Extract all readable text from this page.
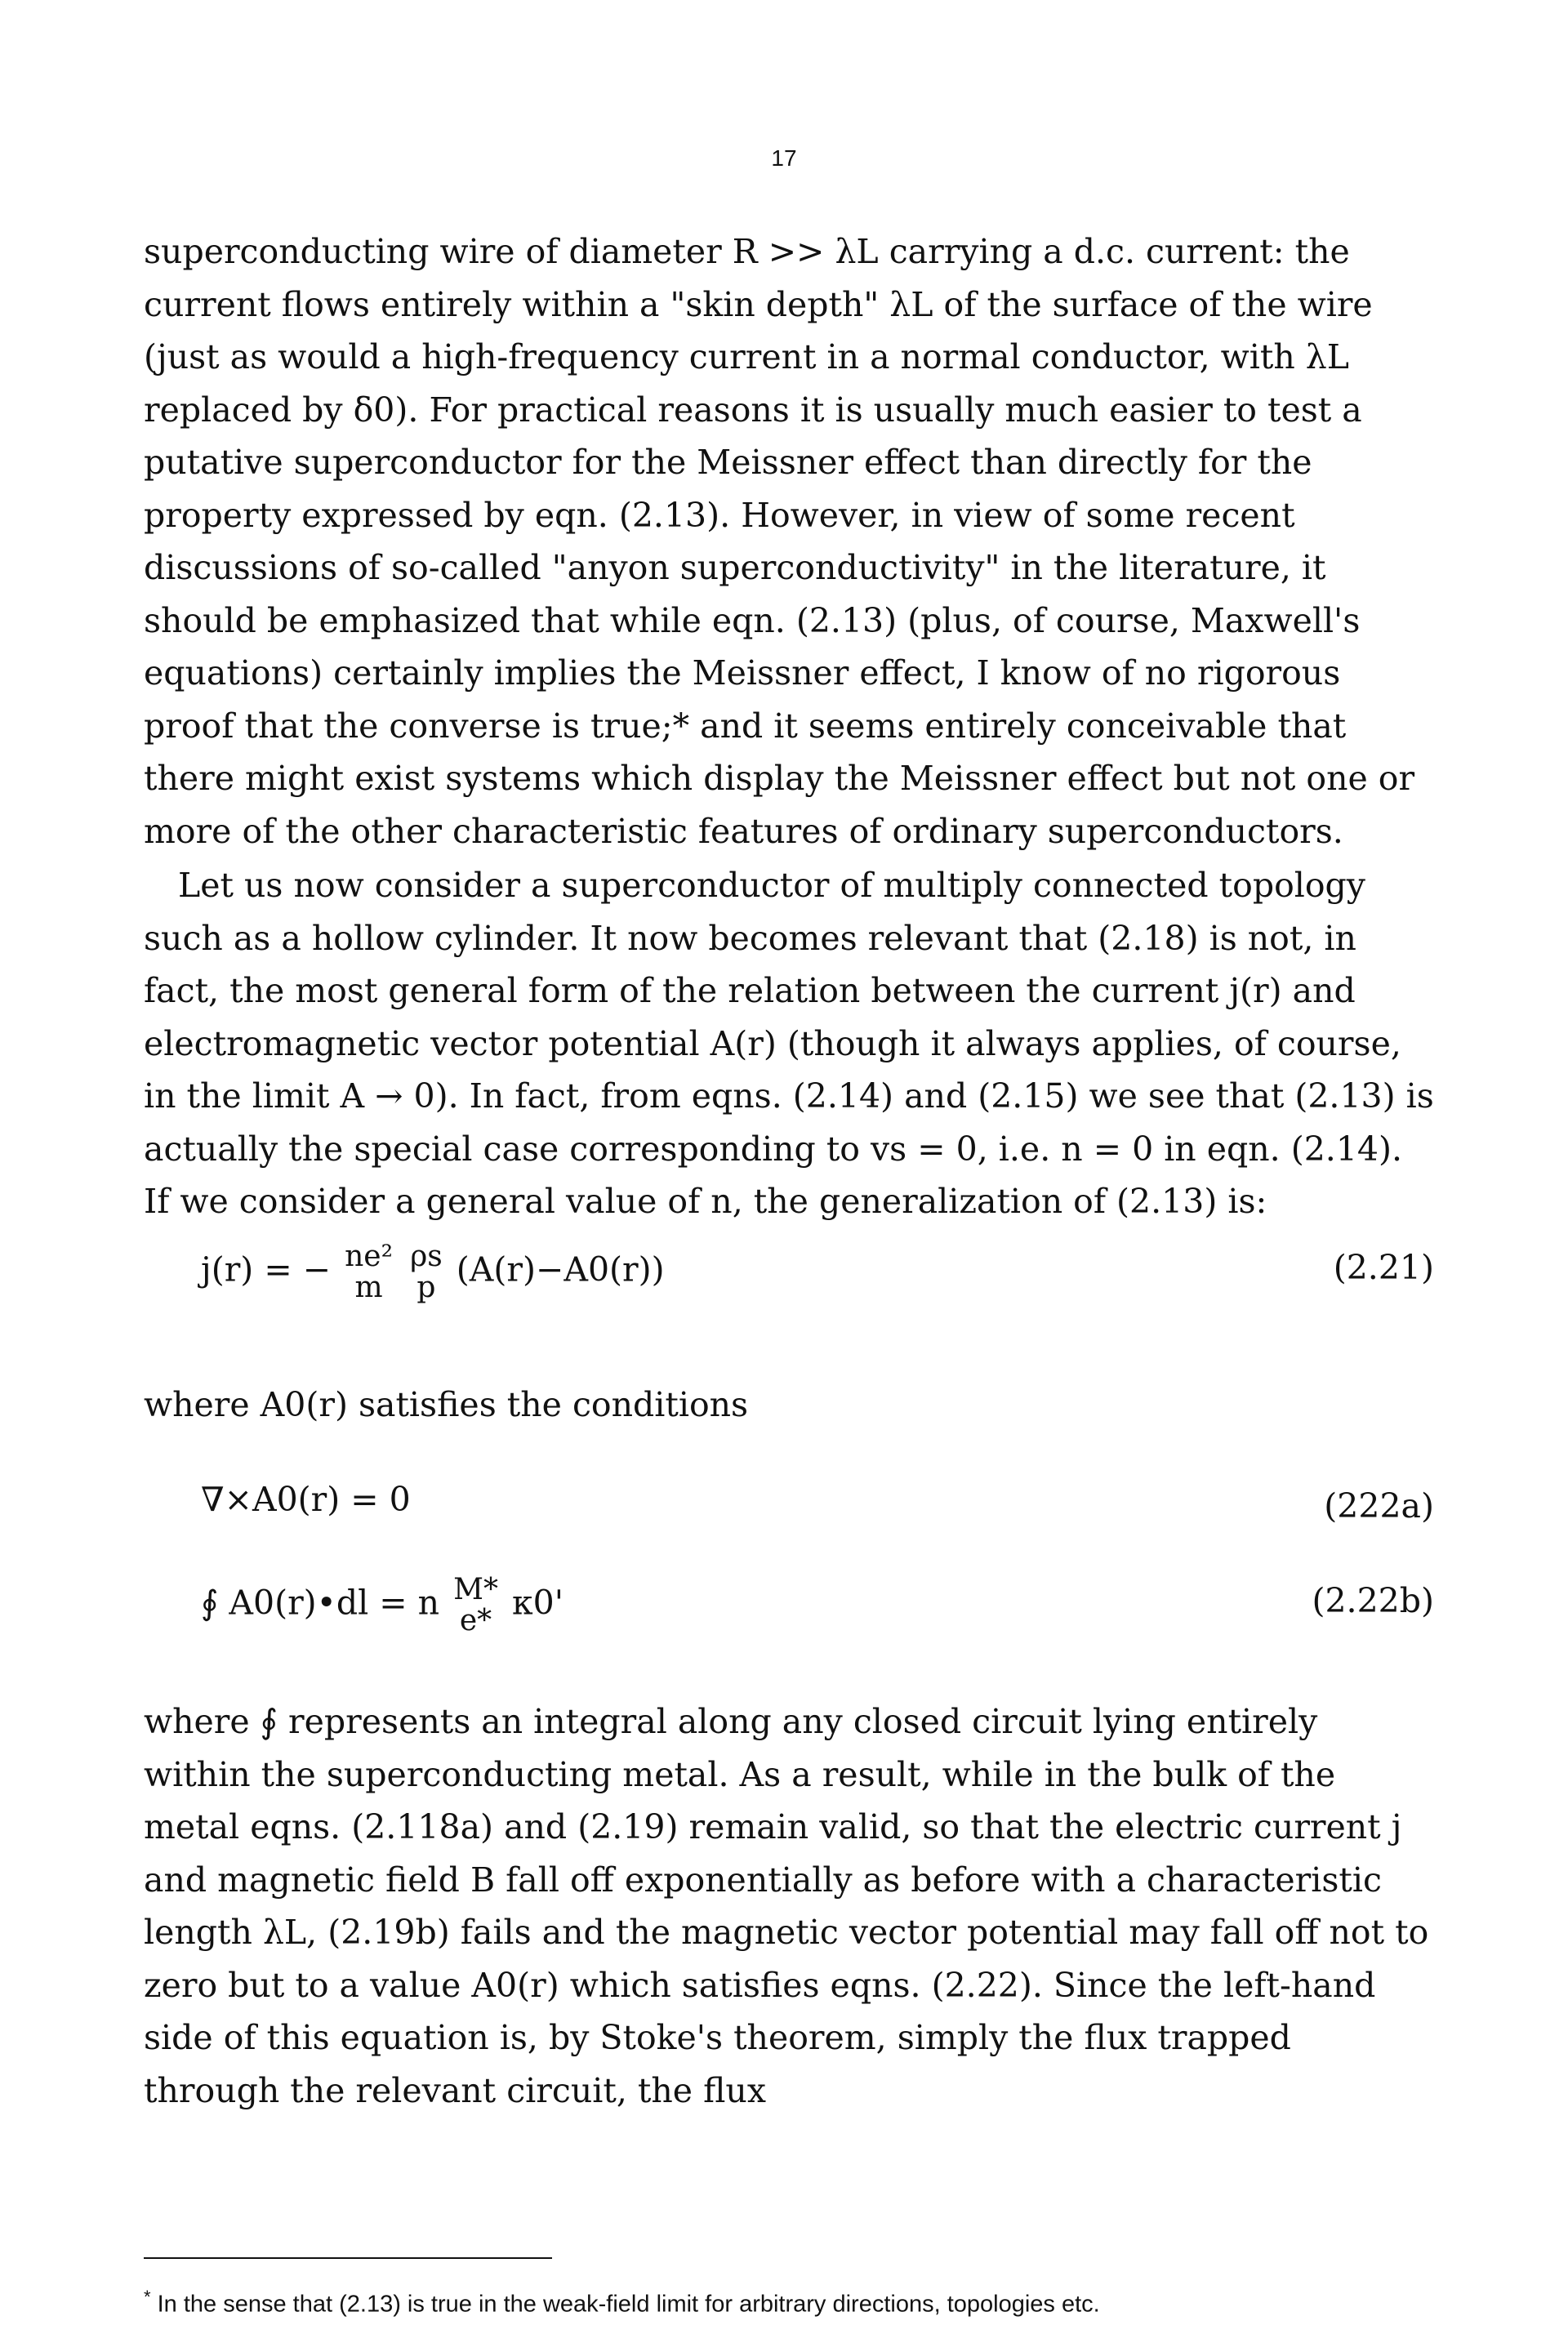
17

superconducting wire of diameter R >> λL carrying a d.c. current: the current flows entirely within a "skin depth" λL of the surface of the wire (just as would a high-frequency current in a normal conductor, with λL replaced by δ0). For practical reasons it is usually much easier to test a putative superconductor for the Meissner effect than directly for the property expressed by eqn. (2.13). However, in view of some recent discussions of so-called "anyon superconductivity" in the literature, it should be emphasized that while eqn. (2.13) (plus, of course, Maxwell's equations) certainly implies the Meissner effect, I know of no rigorous proof that the converse is true;* and it seems entirely conceivable that there might exist systems which display the Meissner effect but not one or more of the other characteristic features of ordinary superconductors.

Let us now consider a superconductor of multiply connected topology such as a hollow cylinder. It now becomes relevant that (2.18) is not, in fact, the most general form of the relation between the current j(r) and electromagnetic vector potential A(r) (though it always applies, of course, in the limit A → 0). In fact, from eqns. (2.14) and (2.15) we see that (2.13) is actually the special case corresponding to vs = 0, i.e. n = 0 in eqn. (2.14). If we consider a general value of n, the generalization of (2.13) is:

j(r) = − ne²
m

ρs
p (A(r)−A0(r))	(2.21)

where A0(r) satisfies the conditions

∇×A0(r) = 0	(222a)
∮ A0(r)•dl = n M*
e* κ0'	(2.22b)

where ∮ represents an integral along any closed circuit lying entirely within the superconducting metal. As a result, while in the bulk of the metal eqns. (2.118a) and (2.19) remain valid, so that the electric current j and magnetic field B fall off exponentially as before with a characteristic length λL, (2.19b) fails and the magnetic vector potential may fall off not to zero but to a value A0(r) which satisfies eqns. (2.22). Since the left-hand side of this equation is, by Stoke's theorem, simply the flux trapped through the relevant circuit, the flux

* In the sense that (2.13) is true in the weak-field limit for arbitrary directions, topologies etc.
